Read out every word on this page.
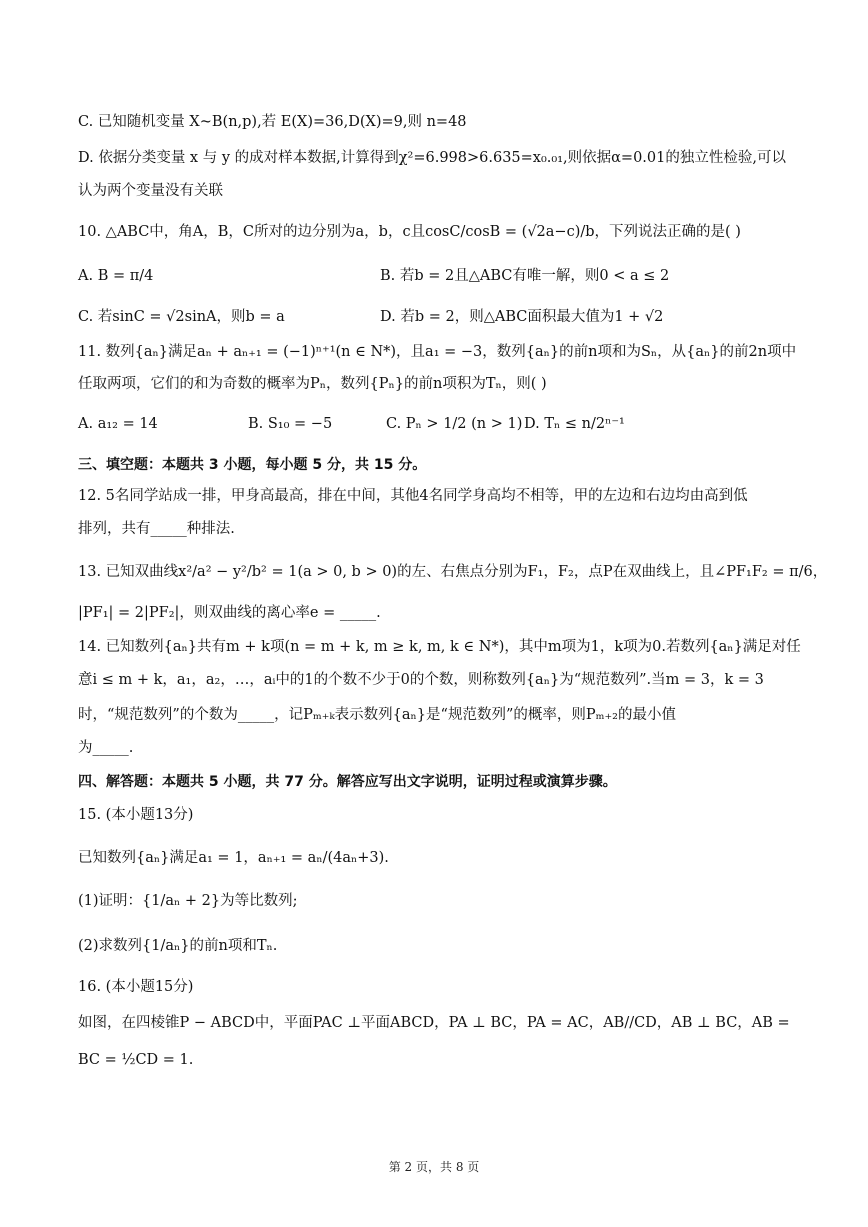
C. 已知随机变量 X~B(n,p),若 E(X)=36,D(X)=9,则 n=48
D. 依据分类变量 x 与 y 的成对样本数据,计算得到χ²=6.998>6.635=x₀.₀₁,则依据α=0.01的独立性检验,可以
认为两个变量没有关联
10. △ABC中，角A，B，C所对的边分别为a，b，c且cosC/cosB = (√2a−c)/b，下列说法正确的是( )
A. B = π/4	B. 若b = 2且△ABC有唯一解，则0 < a ≤ 2
C. 若sinC = √2sinA，则b = a	D. 若b = 2，则△ABC面积最大值为1 + √2
11. 数列{aₙ}满足aₙ + aₙ₊₁ = (−1)ⁿ⁺¹(n ∈ N*)，且a₁ = −3，数列{aₙ}的前n项和为Sₙ，从{aₙ}的前2n项中
任取两项，它们的和为奇数的概率为Pₙ，数列{Pₙ}的前n项积为Tₙ，则( )
A. a₁₂ = 14	B. S₁₀ = −5	C. Pₙ > 1/2 (n > 1) D. Tₙ ≤ n/2ⁿ⁻¹
三、填空题：本题共 3 小题，每小题 5 分，共 15 分。
12. 5名同学站成一排，甲身高最高，排在中间，其他4名同学身高均不相等，甲的左边和右边均由高到低
排列，共有_____种排法.
13. 已知双曲线x²/a² − y²/b² = 1(a > 0, b > 0)的左、右焦点分别为F₁，F₂，点P在双曲线上，且∠PF₁F₂ = π/6，
|PF₁| = 2|PF₂|，则双曲线的离心率e = _____.
14. 已知数列{aₙ}共有m + k项(n = m + k, m ≥ k, m, k ∈ N*)，其中m项为1，k项为0.若数列{aₙ}满足对任
意i ≤ m + k，a₁，a₂，…，aᵢ中的1的个数不少于0的个数，则称数列{aₙ}为“规范数列”.当m = 3，k = 3
时，“规范数列”的个数为_____，记Pₘ₊ₖ表示数列{aₙ}是“规范数列”的概率，则Pₘ₊₂的最小值
为_____.
四、解答题：本题共 5 小题，共 77 分。解答应写出文字说明，证明过程或演算步骤。
15. (本小题13分)
已知数列{aₙ}满足a₁ = 1，aₙ₊₁ = aₙ/(4aₙ+3).
(1)证明：{1/aₙ + 2}为等比数列;
(2)求数列{1/aₙ}的前n项和Tₙ.
16. (本小题15分)
如图，在四棱锥P − ABCD中，平面PAC ⊥平面ABCD，PA ⊥ BC，PA = AC，AB//CD，AB ⊥ BC，AB =
BC = ½CD = 1.
第 2 页，共 8 页
